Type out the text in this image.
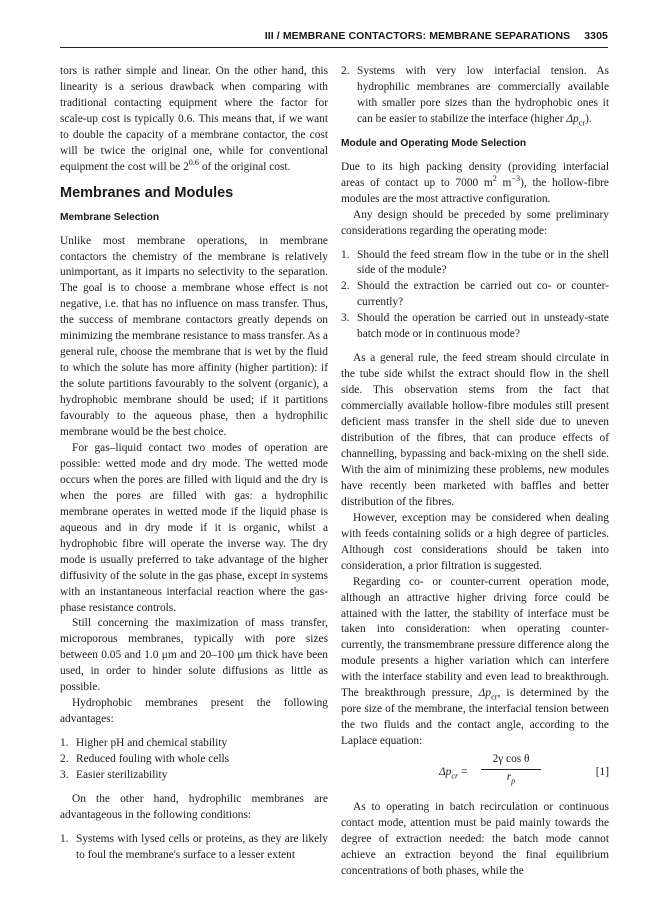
III / MEMBRANE CONTACTORS: MEMBRANE SEPARATIONS 3305

tors is rather simple and linear. On the other hand, this linearity is a serious drawback when comparing with traditional contacting equipment where the factor for scale-up cost is typically 0.6. This means that, if we want to double the capacity of a membrane contactor, the cost will be twice the original one, while for conventional equipment the cost will be $2^{0.6}$ of the original cost.

Membranes and Modules
Membrane Selection

Unlike most membrane operations, in membrane contactors the chemistry of the membrane is relatively unimportant, as it imparts no selectivity to the separation. The goal is to choose a membrane whose effect is not negative, i.e. that has no influence on mass transfer. Thus, the success of membrane contactors greatly depends on minimizing the membrane resistance to mass transfer. As a general rule, choose the membrane that is wet by the fluid to which the solute has more affinity (higher partition): if the solute partitions favourably to the solvent (organic), a hydrophobic membrane should be used; if it partitions favourably to the aqueous phase, then a hydrophilic membrane would be the best choice.

For gas–liquid contact two modes of operation are possible: wetted mode and dry mode. The wetted mode occurs when the pores are filled with liquid and the dry is when the pores are filled with gas: a hydrophilic membrane operates in wetted mode if the liquid phase is aqueous and in dry mode if it is organic, whilst a hydrophobic fibre will operate the inverse way. The dry mode is usually preferred to take advantage of the higher diffusivity of the solute in the gas phase, except in systems with an instantaneous interfacial reaction where the gas-phase resistance controls.

Still concerning the maximization of mass transfer, microporous membranes, typically with pore sizes between 0.05 and 1.0 μm and 20–100 μm thick have been used, in order to hinder solute diffusions as little as possible.

Hydrophobic membranes present the following advantages:

1. Higher pH and chemical stability
2. Reduced fouling with whole cells
3. Easier sterilizability

On the other hand, hydrophilic membranes are advantageous in the following conditions:

1. Systems with lysed cells or proteins, as they are likely to foul the membrane's surface to a lesser extent
2. Systems with very low interfacial tension. As hydrophilic membranes are commercially available with smaller pore sizes than the hydrophobic ones it can be easier to stabilize the interface (higher $\Delta p_{cr}$).
Module and Operating Mode Selection

Due to its high packing density (providing interfacial areas of contact up to 7000 $m^2$ $m^{-3}$), the hollow-fibre modules are the most attractive configuration.

Any design should be preceded by some preliminary considerations regarding the operating mode:

1. Should the feed stream flow in the tube or in the shell side of the module?
2. Should the extraction be carried out co- or counter-currently?
3. Should the operation be carried out in unsteady-state batch mode or in continuous mode?

As a general rule, the feed stream should circulate in the tube side whilst the extract should flow in the shell side. This observation stems from the fact that commercially available hollow-fibre modules still present deficient mass transfer in the shell side due to uneven distribution of the fibres, that can produce effects of channelling, bypassing and back-mixing on the shell side. With the aim of minimizing these problems, new modules have recently been marketed with baffles and better distribution of the fibres.

However, exception may be considered when dealing with feeds containing solids or a high degree of particles. Although cost considerations should be taken into consideration, a prior filtration is suggested.

Regarding co- or counter-current operation mode, although an attractive higher driving force could be attained with the latter, the stability of interface must be taken into consideration: when operating counter-currently, the transmembrane pressure difference along the module presents a higher variation which can interfere with the interface stability and even lead to breakthrough. The breakthrough pressure, $\Delta p_{cr}$, is determined by the pore size of the membrane, the interfacial tension between the two fluids and the contact angle, according to the Laplace equation:

$\Delta p_{cr} = \frac{\text{2γ cos θ}}{r_p}$	[1]

As to operating in batch recirculation or continuous contact mode, attention must be paid mainly towards the degree of extraction needed: the batch mode cannot achieve an extraction beyond the final equilibrium concentrations of both phases, while the
